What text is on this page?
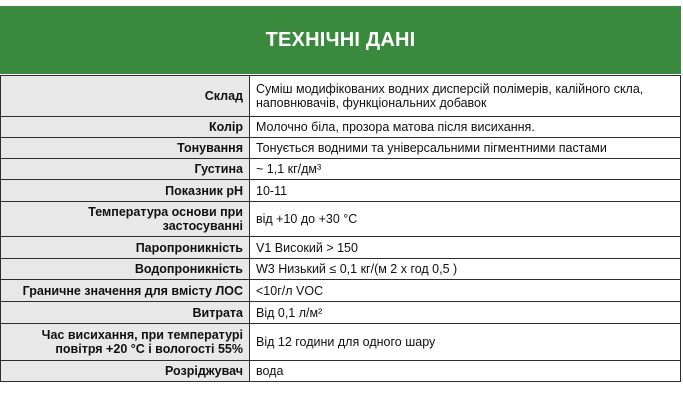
ТЕХНІЧНІ ДАНІ
Склад	Суміш модифікованих водних дисперсій полімерів, калійного скла, наповнювачів, функціональних добавок
Колір	Молочно біла, прозора матова після висихання.
Тонування	Тонується водними та універсальними пігментними пастами
Густина	~ 1,1 кг/дм³
Показник рН	10-11
Температура основи при застосуванні	від +10 до +30 °С
Паропроникність	V1 Високий > 150
Водопроникність	W3 Низький ≤ 0,1 кг/(м 2 х год 0,5 )
Граничне значення для вмісту ЛОС	<10г/л VOC
Витрата	Від 0,1 л/м²
Час висихання, при температурі повітря +20 °С і вологості 55%	Від 12 години для одного шару
Розріджувач	вода
